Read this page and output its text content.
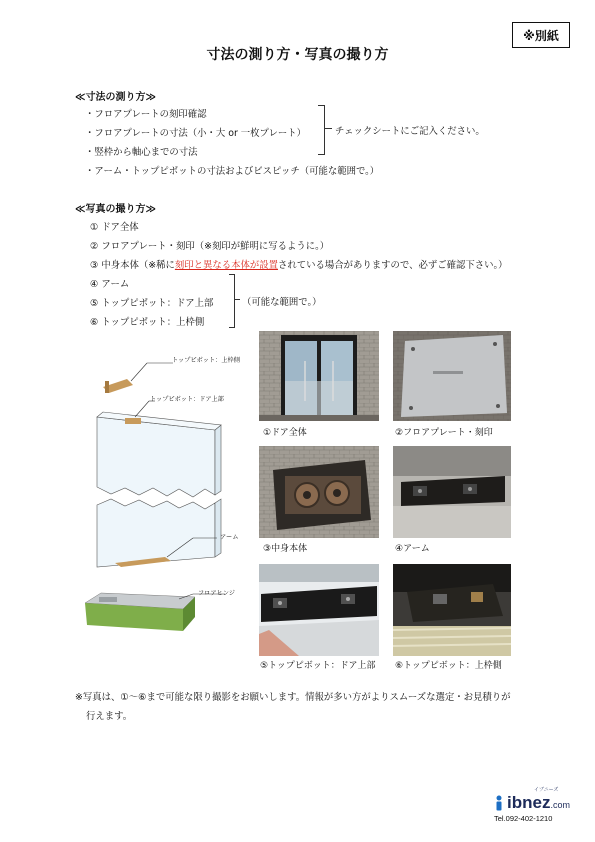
※別紙
寸法の測り方・写真の撮り方
≪寸法の測り方≫
・フロアプレートの刻印確認
・フロアプレートの寸法（小・大 or 一枚プレート）
・竪枠から軸心までの寸法
・アーム・トップピボットの寸法およびビスピッチ（可能な範囲で。）
チェックシートにご記入ください。
≪写真の撮り方≫
① ドア全体
② フロアプレート・刻印（※刻印が鮮明に写るように。）
③ 中身本体（※稀に刻印と異なる本体が設置されている場合がありますので、必ずご確認下さい。）
④ アーム
⑤ トップピボット：ドア上部
⑥ トップピボット：上枠側
（可能な範囲で。）
トップピボット：上枠側
トップピボット：ドア上部
アーム
フロアヒンジ
①ドア全体	②フロアプレート・刻印
③中身本体	④アーム
⑤トップピボット：ドア上部 ⑥トップピボット：上枠側
※写真は、①～⑥まで可能な限り撮影をお願いします。情報が多い方がよりスムーズな選定・お見積りが
行えます。
イブニーズ
ibnez.com
Tel.092-402-1210
